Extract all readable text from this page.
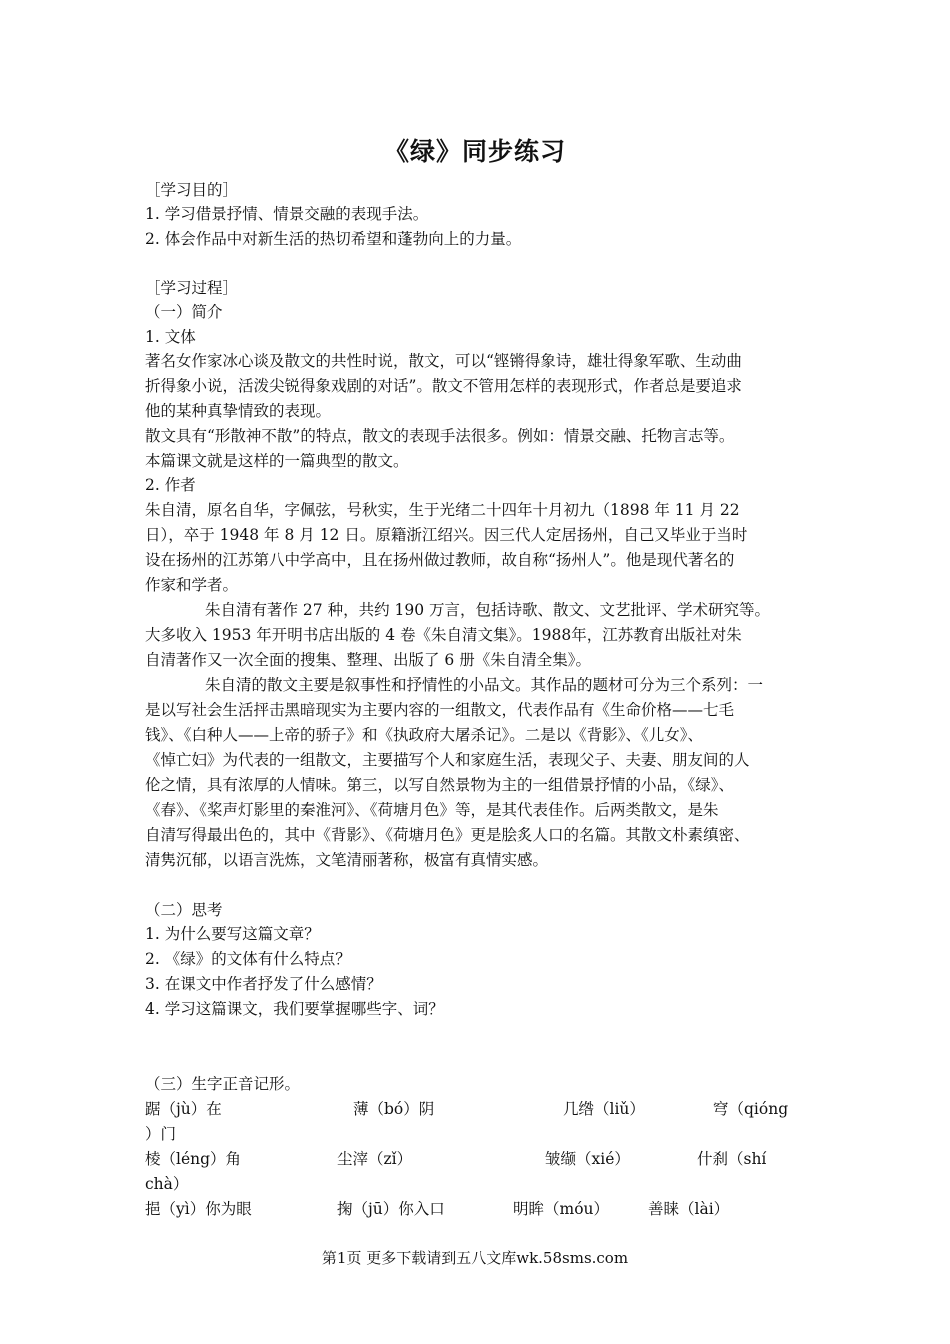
《绿》同步练习
［学习目的］
1. 学习借景抒情、情景交融的表现手法。
2. 体会作品中对新生活的热切希望和蓬勃向上的力量。
［学习过程］
（一）简介
1. 文体
著名女作家冰心谈及散文的共性时说，散文，可以“铿锵得象诗，雄壮得象军歌、生动曲
折得象小说，活泼尖锐得象戏剧的对话”。散文不管用怎样的表现形式，作者总是要追求
他的某种真挚情致的表现。
散文具有“形散神不散”的特点，散文的表现手法很多。例如：情景交融、托物言志等。
本篇课文就是这样的一篇典型的散文。
2. 作者
朱自清，原名自华，字佩弦，号秋实，生于光绪二十四年十月初九（1898 年 11 月 22
日），卒于 1948 年 8 月 12 日。原籍浙江绍兴。因三代人定居扬州，自己又毕业于当时
设在扬州的江苏第八中学高中，且在扬州做过教师，故自称“扬州人”。他是现代著名的
作家和学者。
朱自清有著作 27 种，共约 190 万言，包括诗歌、散文、文艺批评、学术研究等。
大多收入 1953 年开明书店出版的 4 卷《朱自清文集》。1988年，江苏教育出版社对朱
自清著作又一次全面的搜集、整理、出版了 6 册《朱自清全集》。
朱自清的散文主要是叙事性和抒情性的小品文。其作品的题材可分为三个系列：一
是以写社会生活抨击黑暗现实为主要内容的一组散文，代表作品有《生命价格——七毛
钱》、《白种人——上帝的骄子》和《执政府大屠杀记》。二是以《背影》、《儿女》、
《悼亡妇》为代表的一组散文，主要描写个人和家庭生活，表现父子、夫妻、朋友间的人
伦之情，具有浓厚的人情味。第三，以写自然景物为主的一组借景抒情的小品，《绿》、
《春》、《桨声灯影里的秦淮河》、《荷塘月色》等，是其代表佳作。后两类散文，是朱
自清写得最出色的，其中《背影》、《荷塘月色》更是脍炙人口的名篇。其散文朴素缜密、
清隽沉郁，以语言洗炼，文笔清丽著称，极富有真情实感。
（二）思考
1. 为什么要写这篇文章？
2. 《绿》的文体有什么特点？
3. 在课文中作者抒发了什么感情？
4. 学习这篇课文，我们要掌握哪些字、词？
（三）生字正音记形。
踞（jù）在	薄（bó）阴	几绺（liǔ）	穹（qióng
）门
棱（léng）角	尘滓（zǐ）	皱缬（xié）	什刹（shí
chà）
挹（yì）你为眼	掬（jū）你入口	明眸（móu）	善睐（lài）
第1页 更多下载请到五八文库wk.58sms.com
